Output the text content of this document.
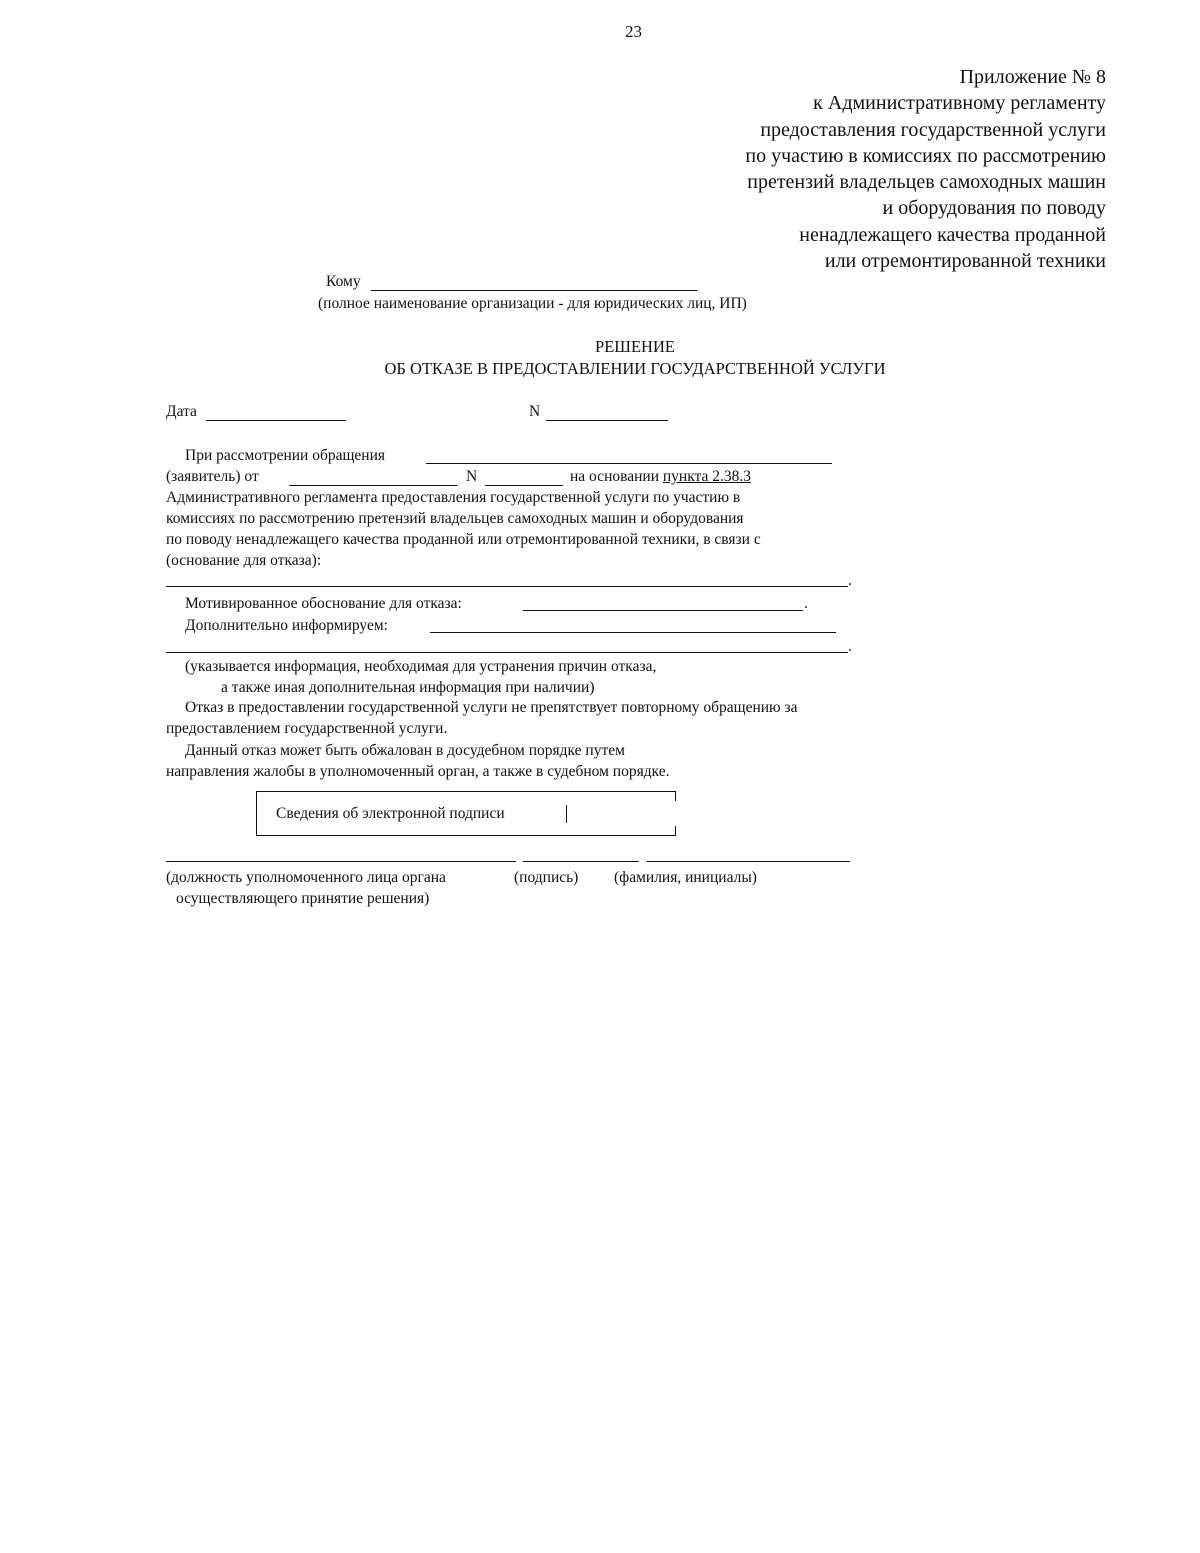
23
Приложение № 8
к Административному регламенту
предоставления государственной услуги
по участию в комиссиях по рассмотрению
претензий владельцев самоходных машин
и оборудования по поводу
ненадлежащего качества проданной
или отремонтированной техники
Кому
(полное наименование организации - для юридических лиц, ИП)
РЕШЕНИЕ
ОБ ОТКАЗЕ В ПРЕДОСТАВЛЕНИИ ГОСУДАРСТВЕННОЙ УСЛУГИ
Дата	N
При рассмотрении обращения
(заявитель) от	N	на основании пункта 2.38.3
Административного регламента предоставления государственной услуги по участию в
комиссиях по рассмотрению претензий владельцев самоходных машин и оборудования
по поводу ненадлежащего качества проданной или отремонтированной техники, в связи с
(основание для отказа):
.
Мотивированное обоснование для отказа:	.
Дополнительно информируем:
.
(указывается информация, необходимая для устранения причин отказа,
а также иная дополнительная информация при наличии)
Отказ в предоставлении государственной услуги не препятствует повторному обращению за
предоставлением государственной услуги.
Данный отказ может быть обжалован в досудебном порядке путем
направления жалобы в уполномоченный орган, а также в судебном порядке.
Сведения об электронной подписи
(должность уполномоченного лица органа	(подпись) (фамилия, инициалы)
осуществляющего принятие решения)
